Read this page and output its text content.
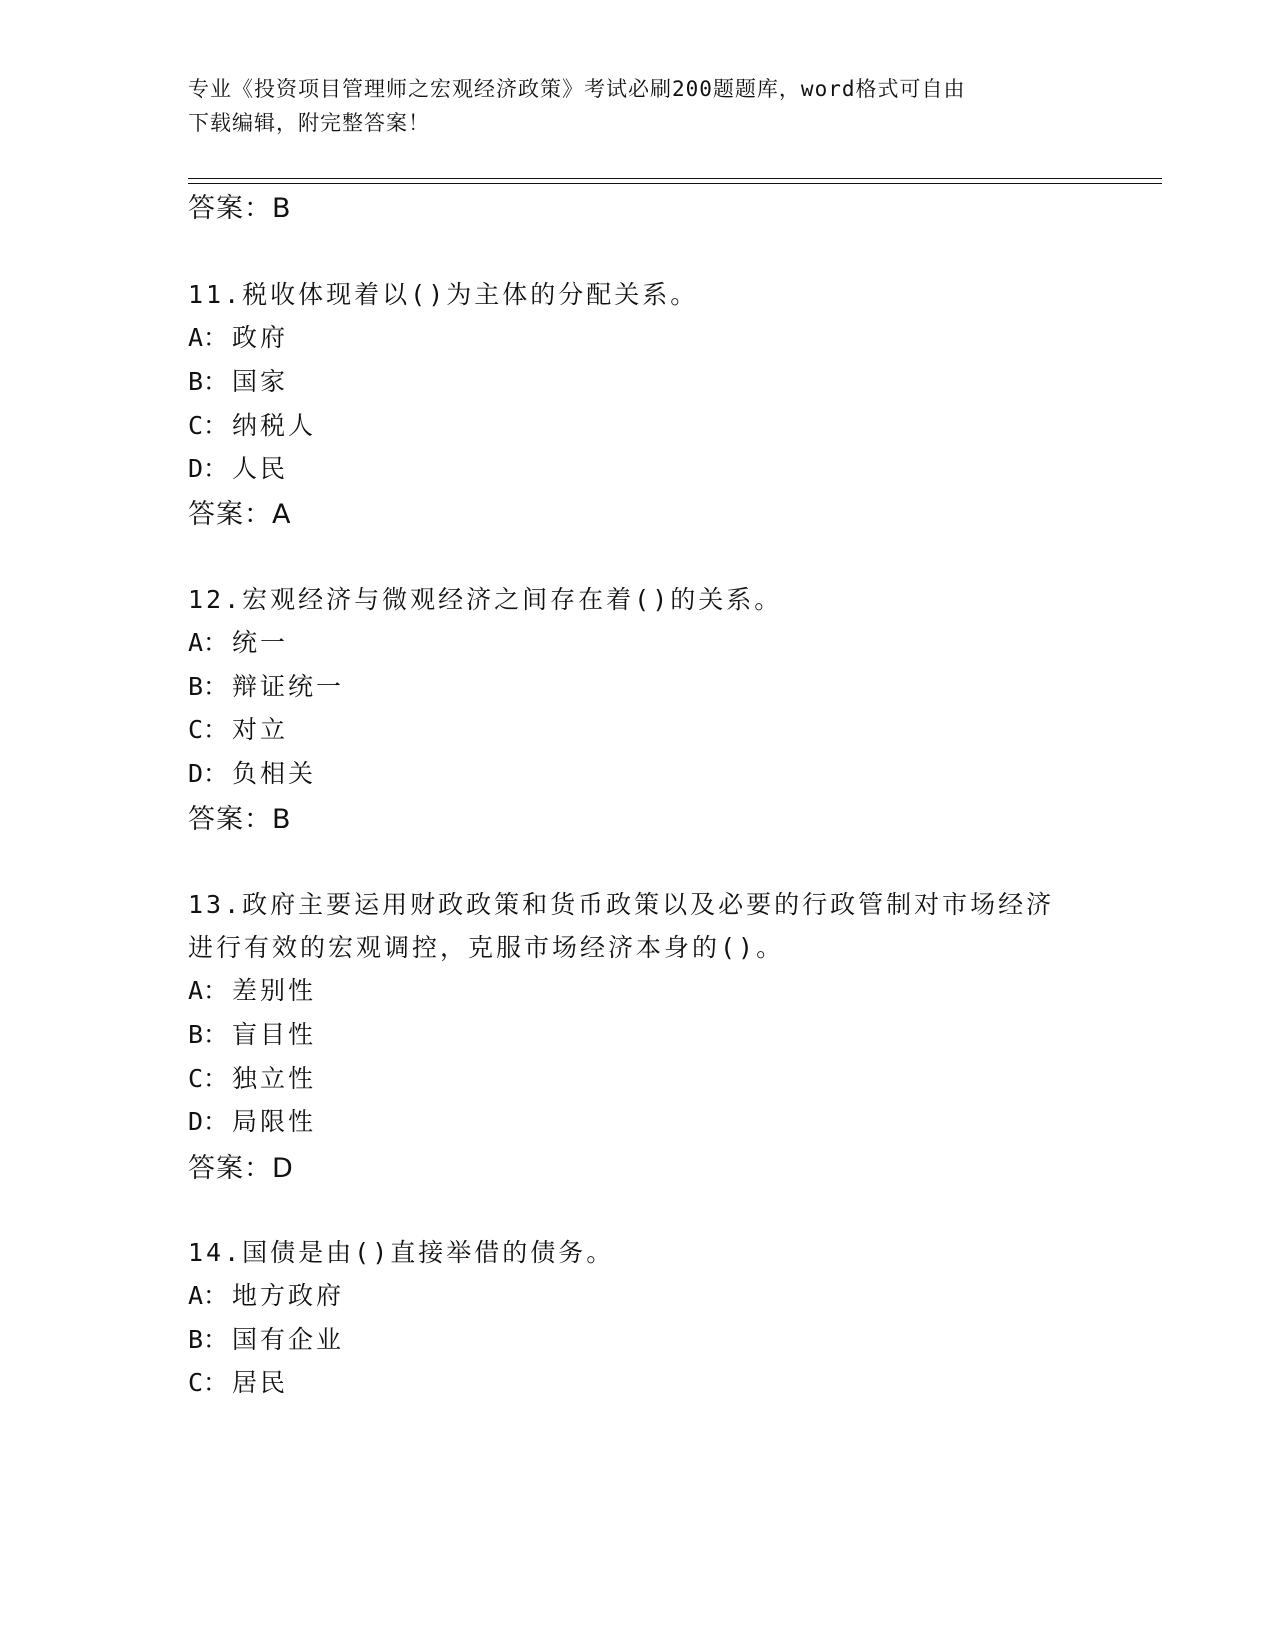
专业《投资项目管理师之宏观经济政策》考试必刷200题题库，word格式可自由
下载编辑，附完整答案！
答案：B
11.税收体现着以()为主体的分配关系。
A： 政府
B： 国家
C： 纳税人
D： 人民
答案：A
12.宏观经济与微观经济之间存在着()的关系。
A： 统一
B： 辩证统一
C： 对立
D： 负相关
答案：B
13.政府主要运用财政政策和货币政策以及必要的行政管制对市场经济
进行有效的宏观调控，克服市场经济本身的()。
A： 差别性
B： 盲目性
C： 独立性
D： 局限性
答案：D
14.国债是由()直接举借的债务。
A： 地方政府
B： 国有企业
C： 居民
